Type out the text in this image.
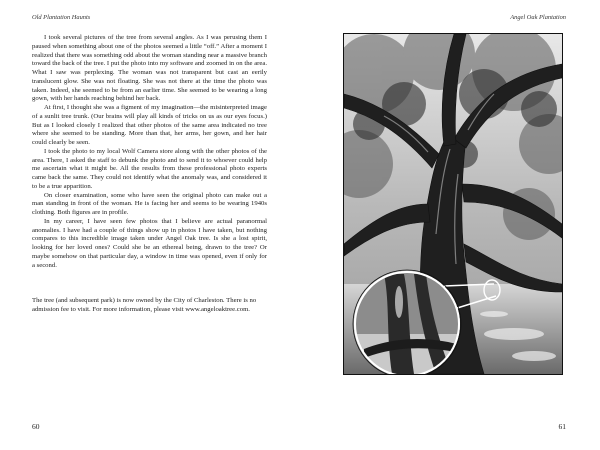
Old Plantation Haunts

I took several pictures of the tree from several angles. As I was perusing them I paused when something about one of the photos seemed a little “off.” After a moment I realized that there was something odd about the woman standing near a massive branch toward the back of the tree. I put the photo into my software and zoomed in on the area. What I saw was perplexing. The woman was not transparent but cast an eerily translucent glow. She was not floating. She was not there at the time the photo was taken. Indeed, she seemed to be from an earlier time. She seemed to be wearing a long gown, with her hands reaching behind her back.

At first, I thought she was a figment of my imagination—the misinterpreted image of a sunlit tree trunk. (Our brains will play all kinds of tricks on us as our eyes focus.) But as I looked closely I realized that other photos of the same area indicated no tree where she seemed to be standing. More than that, her arms, her gown, and her hair could clearly be seen.

I took the photo to my local Wolf Camera store along with the other photos of the area. There, I asked the staff to debunk the photo and to send it to whoever could help me ascertain what it might be. All the results from these professional photo experts came back the same. They could not identify what the anomaly was, and considered it to be a true apparition.

On closer examination, some who have seen the original photo can make out a man standing in front of the woman. He is facing her and seems to be wearing 1940s clothing. Both figures are in profile.

In my career, I have seen few photos that I believe are actual paranormal anomalies. I have had a couple of things show up in photos I have taken, but nothing compares to this incredible image taken under Angel Oak tree. Is she a lost spirit, looking for her loved ones? Could she be an ethereal being, drawn to the tree? Or maybe somehow on that particular day, a window in time was opened, even if only for a second.

The tree (and subsequent park) is now owned by the City of Charleston. There is no admission fee to visit. For more information, please visit www.angeloaktree.com.

60
Angel Oak Plantation
61
